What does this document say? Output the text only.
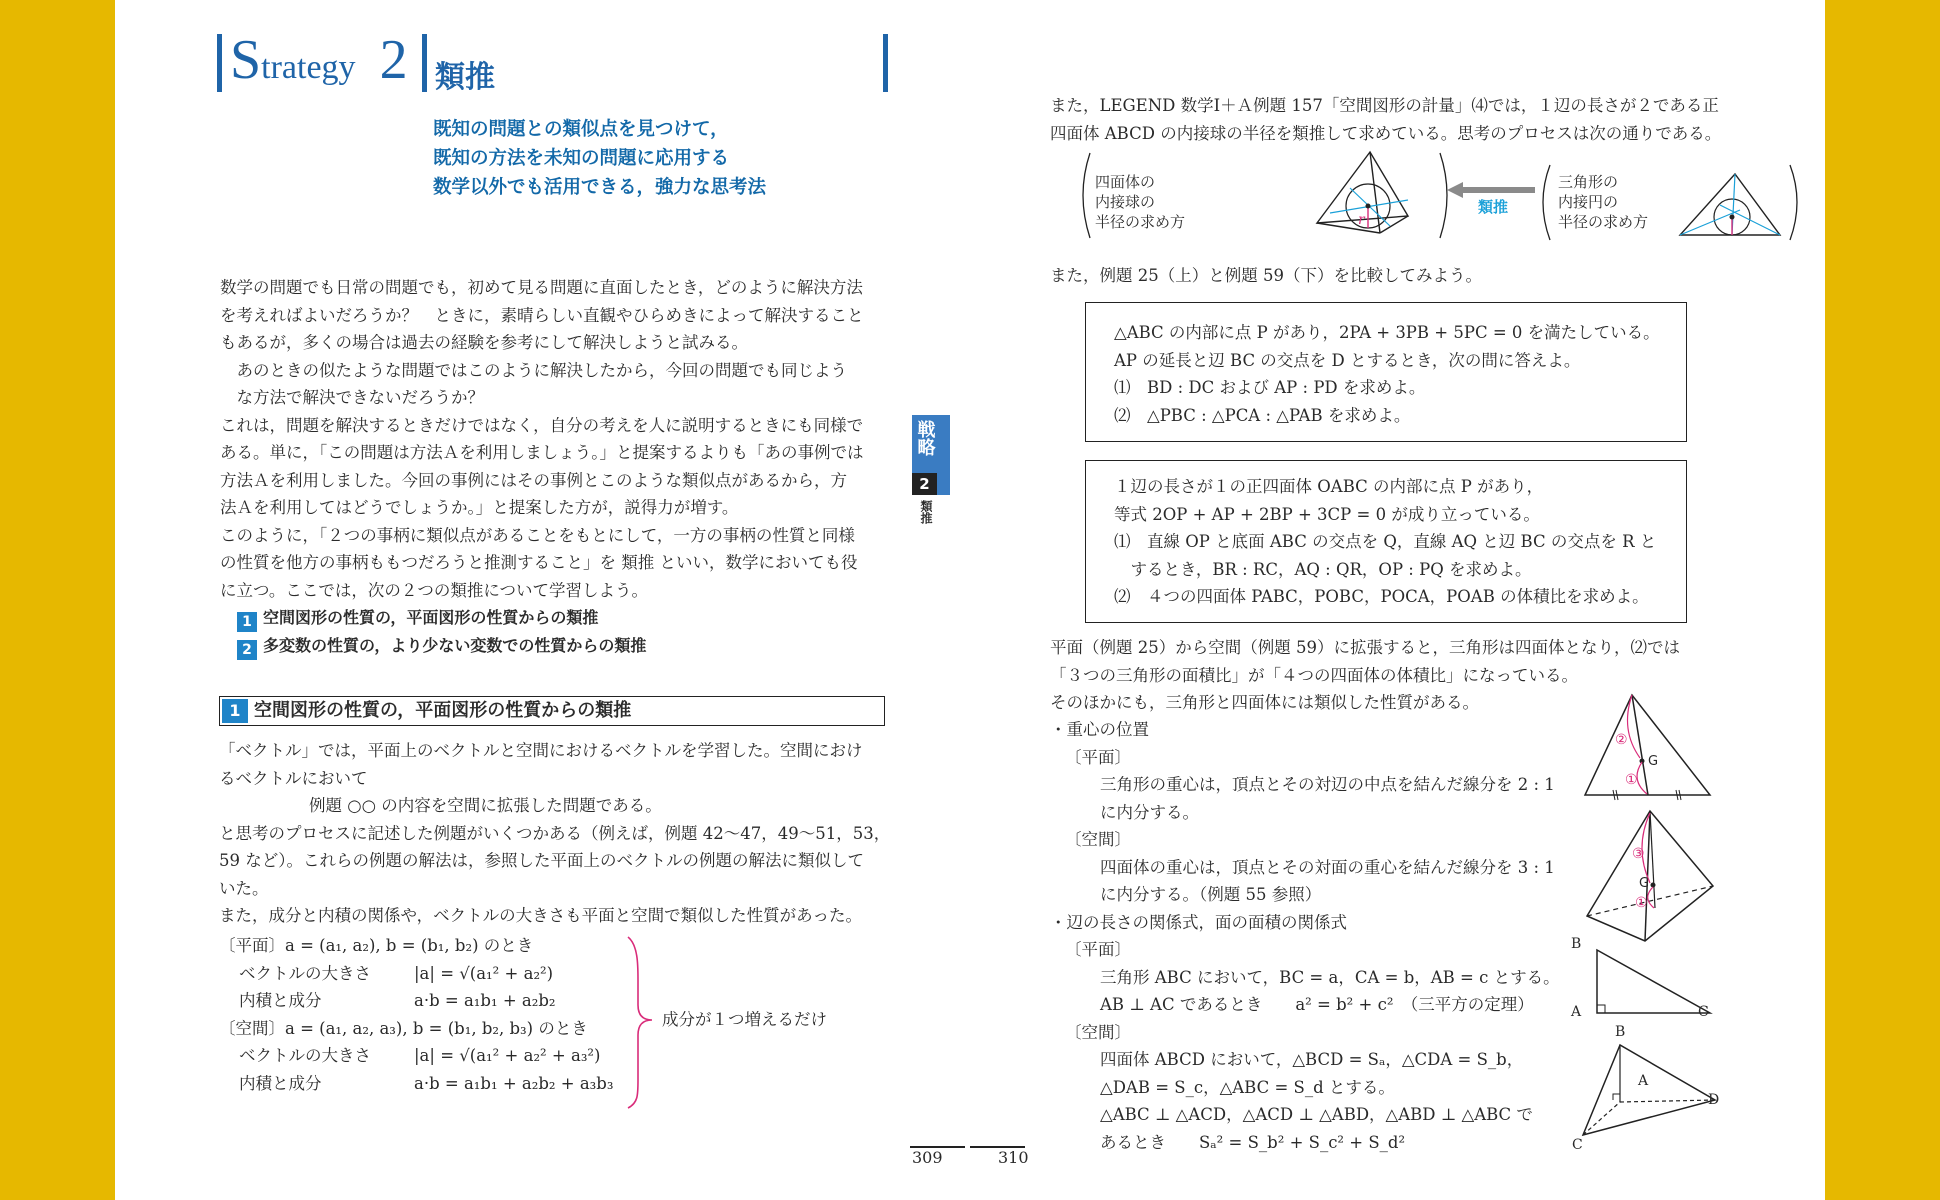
Strategy 2 類推
既知の問題との類似点を見つけて，
既知の方法を未知の問題に応用する
数学以外でも活用できる，強力な思考法
数学の問題でも日常の問題でも，初めて見る問題に直面したとき，どのように解決方法
を考えればよいだろうか？　ときに，素晴らしい直観やひらめきによって解決すること
もあるが，多くの場合は過去の経験を参考にして解決しようと試みる。
　あのときの似たような問題ではこのように解決したから，今回の問題でも同じよう
　な方法で解決できないだろうか？
これは，問題を解決するときだけではなく，自分の考えを人に説明するときにも同様で
ある。単に，「この問題は方法Ａを利用しましょう。」と提案するよりも「あの事例では
方法Ａを利用しました。今回の事例にはその事例とこのような類似点があるから，方
法Ａを利用してはどうでしょうか。」と提案した方が，説得力が増す。
このように，「２つの事柄に類似点があることをもとにして，一方の事柄の性質と同様
の性質を他方の事柄ももつだろうと推測すること」を 類推 といい，数学においても役
に立つ。ここでは，次の２つの類推について学習しよう。
1 空間図形の性質の，平面図形の性質からの類推
2 多変数の性質の，より少ない変数での性質からの類推
1 空間図形の性質の，平面図形の性質からの類推
「ベクトル」では，平面上のベクトルと空間におけるベクトルを学習した。空間におけ
るベクトルにおいて
例題 ○○ の内容を空間に拡張した問題である。
と思考のプロセスに記述した例題がいくつかある（例えば，例題 42〜47，49〜51，53，
59 など）。これらの例題の解法は，参照した平面上のベクトルの例題の解法に類似して
いた。
また，成分と内積の関係や，ベクトルの大きさも平面と空間で類似した性質があった。
〔平面〕a = (a₁, a₂), b = (b₁, b₂) のとき
ベクトルの大きさ	|a| = √(a₁² + a₂²)
内積と成分	a·b = a₁b₁ + a₂b₂
〔空間〕a = (a₁, a₂, a₃), b = (b₁, b₂, b₃) のとき
ベクトルの大きさ	|a| = √(a₁² + a₂² + a₃²)
内積と成分	a·b = a₁b₁ + a₂b₂ + a₃b₃
成分が１つ増えるだけ
309
戦略
2
類推
また，LEGEND 数学Ⅰ＋Ａ例題 157「空間図形の計量」⑷では，１辺の長さが２である正
四面体 ABCD の内接球の半径を類推して求めている。思考のプロセスは次の通りである。
四面体の
内接球の
半径の求め方	r
類推
三角形の
内接円の
半径の求め方
また，例題 25（上）と例題 59（下）を比較してみよう。
△ABC の内部に点 P があり，2PA + 3PB + 5PC = 0 を満たしている。
AP の延長と辺 BC の交点を D とするとき，次の問に答えよ。
⑴　BD : DC および AP : PD を求めよ。
⑵　△PBC : △PCA : △PAB を求めよ。
１辺の長さが１の正四面体 OABC の内部に点 P があり，
等式 2OP + AP + 2BP + 3CP = 0 が成り立っている。
⑴　直線 OP と底面 ABC の交点を Q，直線 AQ と辺 BC の交点を R と
　するとき，BR : RC，AQ : QR，OP : PQ を求めよ。
⑵　４つの四面体 PABC，POBC，POCA，POAB の体積比を求めよ。
平面（例題 25）から空間（例題 59）に拡張すると，三角形は四面体となり，⑵では
「３つの三角形の面積比」が「４つの四面体の体積比」になっている。
そのほかにも，三角形と四面体には類似した性質がある。
・重心の位置
〔平面〕
三角形の重心は，頂点とその対辺の中点を結んだ線分を 2 : 1
に内分する。
〔空間〕
四面体の重心は，頂点とその対面の重心を結んだ線分を 3 : 1
に内分する。（例題 55 参照）
・辺の長さの関係式，面の面積の関係式
〔平面〕
三角形 ABC において，BC = a，CA = b，AB = c とする。
AB ⊥ AC であるとき　　a² = b² + c²　（三平方の定理）
〔空間〕
四面体 ABCD において，△BCD = Sₐ，△CDA = S_b，
△DAB = S_c，△ABC = S_d とする。
△ABC ⊥ △ACD，△ACD ⊥ △ABD，△ABD ⊥ △ABC で
あるとき　　Sₐ² = S_b² + S_c² + S_d²
G
②
①
G
③
①
B
A	C
B
A
D
C
310
